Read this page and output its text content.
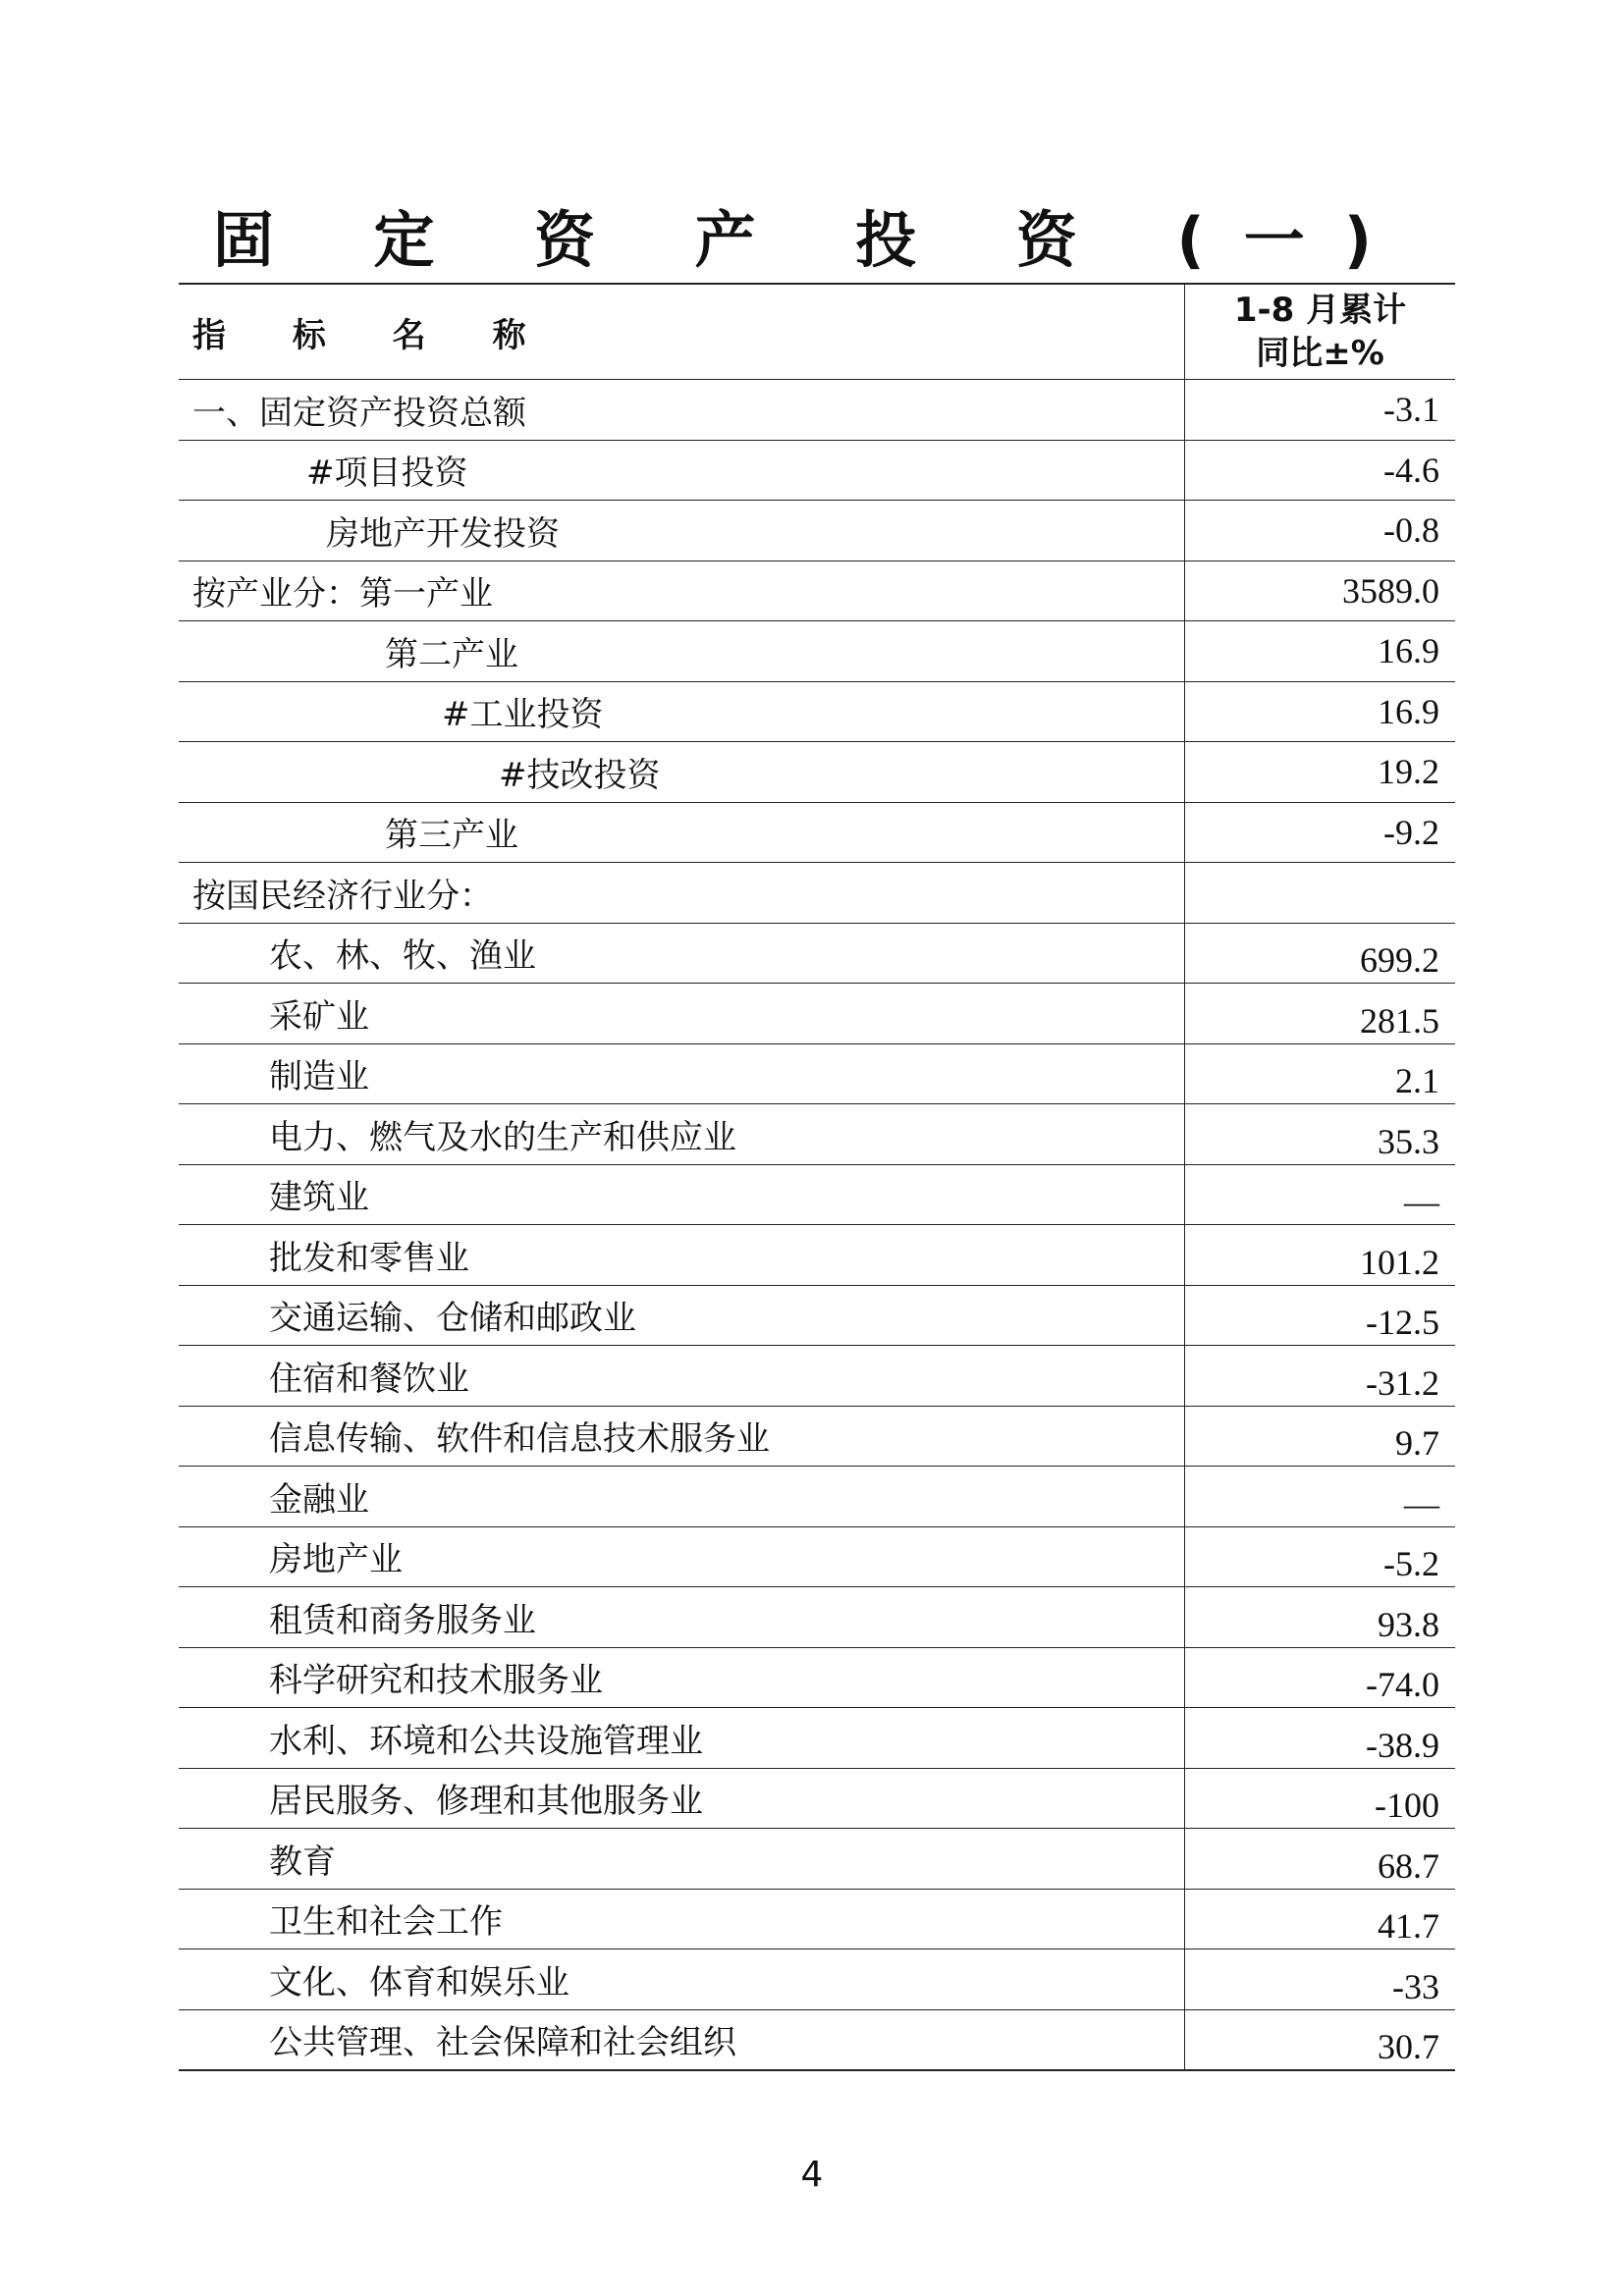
固 定 资 产 投 资 (一)
指 标 名 称
1-8 月累计
同比±%
一、固定资产投资总额	-3.1
#项目投资	-4.6
房地产开发投资	-0.8
按产业分：第一产业	3589.0
第二产业	16.9
#工业投资	16.9
#技改投资	19.2
第三产业	-9.2
按国民经济行业分：
农、林、牧、渔业	699.2
采矿业	281.5
制造业	2.1
电力、燃气及水的生产和供应业	35.3
建筑业	—
批发和零售业	101.2
交通运输、仓储和邮政业	-12.5
住宿和餐饮业	-31.2
信息传输、软件和信息技术服务业	9.7
金融业	—
房地产业	-5.2
租赁和商务服务业	93.8
科学研究和技术服务业	-74.0
水利、环境和公共设施管理业	-38.9
居民服务、修理和其他服务业	-100
教育	68.7
卫生和社会工作	41.7
文化、体育和娱乐业	-33
公共管理、社会保障和社会组织	30.7
4
